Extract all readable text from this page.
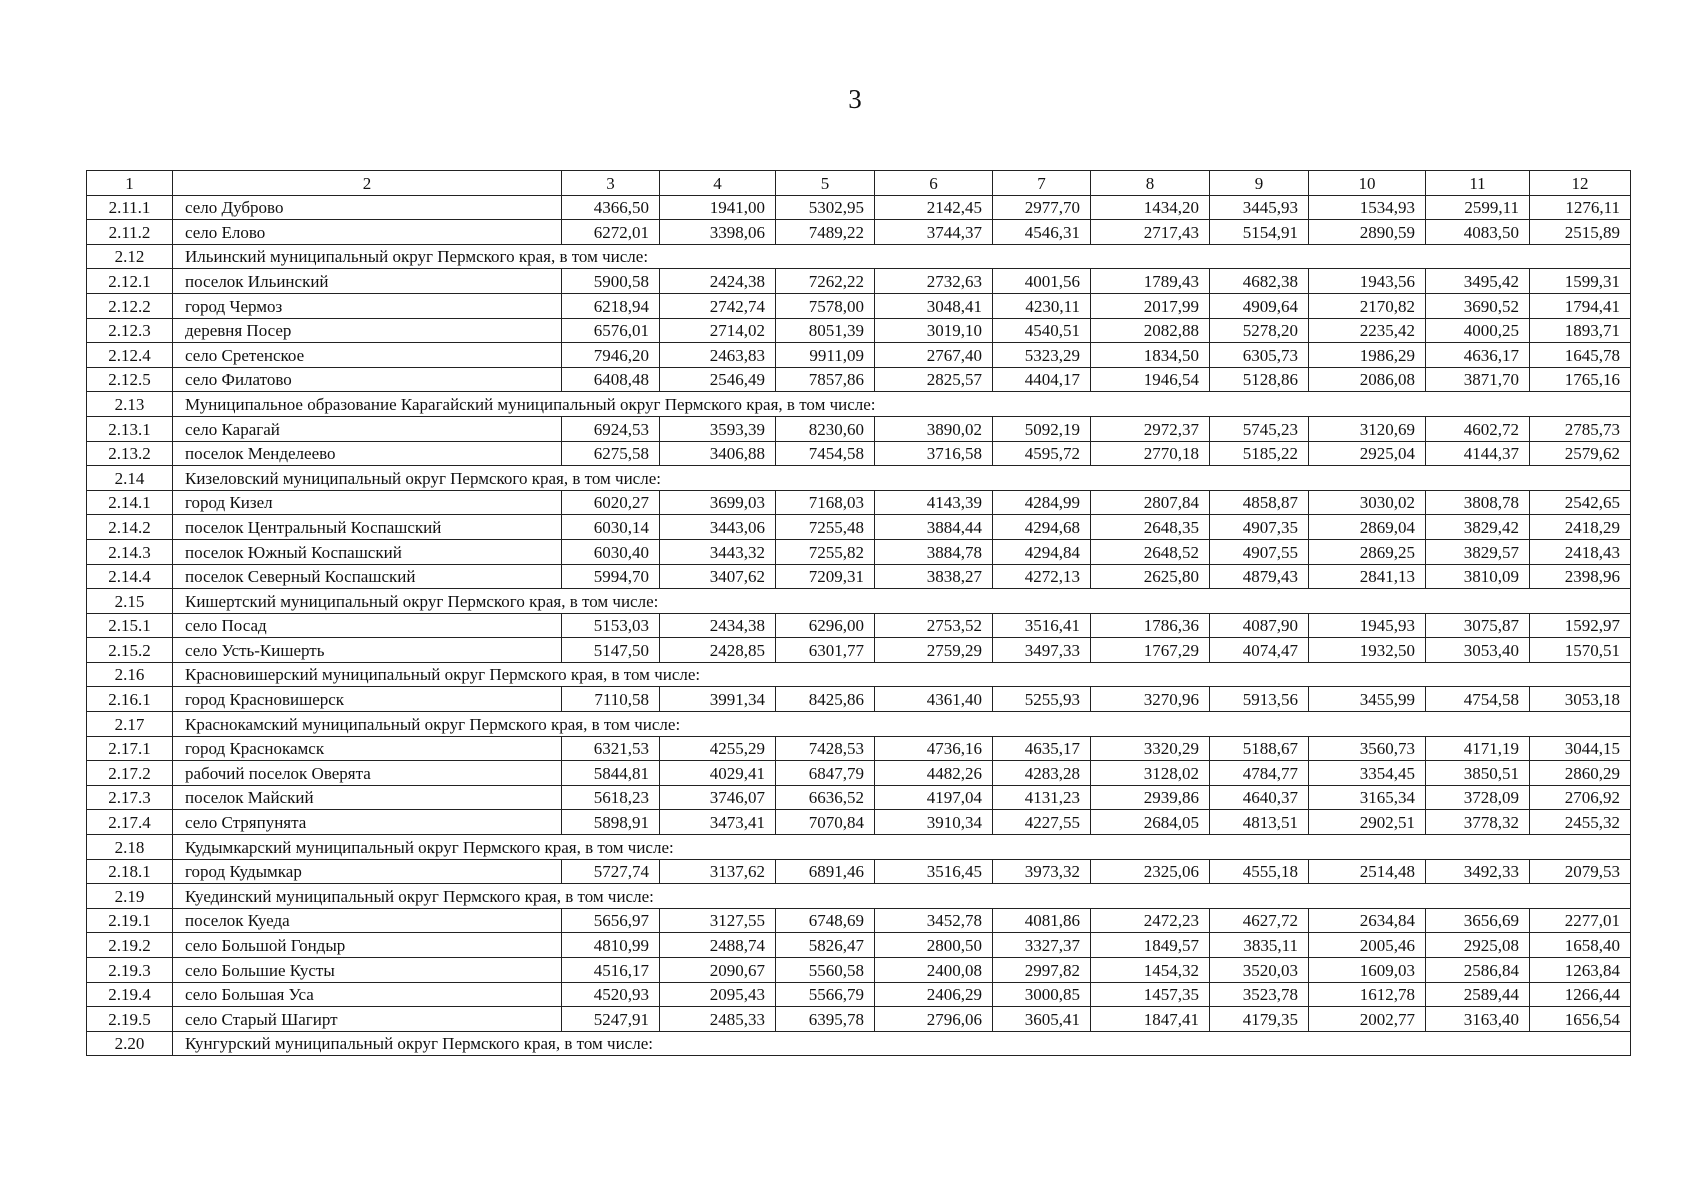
3
1	2	3	4	5	6	7	8	9	10	11	12
2.11.1	село Дуброво	4366,50	1941,00	5302,95	2142,45	2977,70	1434,20	3445,93	1534,93	2599,11	1276,11
2.11.2	село Елово	6272,01	3398,06	7489,22	3744,37	4546,31	2717,43	5154,91	2890,59	4083,50	2515,89
2.12	Ильинский муниципальный округ Пермского края, в том числе:										
2.12.1	поселок Ильинский	5900,58	2424,38	7262,22	2732,63	4001,56	1789,43	4682,38	1943,56	3495,42	1599,31
2.12.2	город Чермоз	6218,94	2742,74	7578,00	3048,41	4230,11	2017,99	4909,64	2170,82	3690,52	1794,41
2.12.3	деревня Посер	6576,01	2714,02	8051,39	3019,10	4540,51	2082,88	5278,20	2235,42	4000,25	1893,71
2.12.4	село Сретенское	7946,20	2463,83	9911,09	2767,40	5323,29	1834,50	6305,73	1986,29	4636,17	1645,78
2.12.5	село Филатово	6408,48	2546,49	7857,86	2825,57	4404,17	1946,54	5128,86	2086,08	3871,70	1765,16
2.13	Муниципальное образование Карагайский муниципальный округ Пермского края, в том числе:										
2.13.1	село Карагай	6924,53	3593,39	8230,60	3890,02	5092,19	2972,37	5745,23	3120,69	4602,72	2785,73
2.13.2	поселок Менделеево	6275,58	3406,88	7454,58	3716,58	4595,72	2770,18	5185,22	2925,04	4144,37	2579,62
2.14	Кизеловский муниципальный округ Пермского края, в том числе:										
2.14.1	город Кизел	6020,27	3699,03	7168,03	4143,39	4284,99	2807,84	4858,87	3030,02	3808,78	2542,65
2.14.2	поселок Центральный Коспашский	6030,14	3443,06	7255,48	3884,44	4294,68	2648,35	4907,35	2869,04	3829,42	2418,29
2.14.3	поселок Южный Коспашский	6030,40	3443,32	7255,82	3884,78	4294,84	2648,52	4907,55	2869,25	3829,57	2418,43
2.14.4	поселок Северный Коспашский	5994,70	3407,62	7209,31	3838,27	4272,13	2625,80	4879,43	2841,13	3810,09	2398,96
2.15	Кишертский муниципальный округ Пермского края, в том числе:										
2.15.1	село Посад	5153,03	2434,38	6296,00	2753,52	3516,41	1786,36	4087,90	1945,93	3075,87	1592,97
2.15.2	село Усть-Кишерть	5147,50	2428,85	6301,77	2759,29	3497,33	1767,29	4074,47	1932,50	3053,40	1570,51
2.16	Красновишерский муниципальный округ Пермского края, в том числе:										
2.16.1	город Красновишерск	7110,58	3991,34	8425,86	4361,40	5255,93	3270,96	5913,56	3455,99	4754,58	3053,18
2.17	Краснокамский муниципальный округ Пермского края, в том числе:										
2.17.1	город Краснокамск	6321,53	4255,29	7428,53	4736,16	4635,17	3320,29	5188,67	3560,73	4171,19	3044,15
2.17.2	рабочий поселок Оверята	5844,81	4029,41	6847,79	4482,26	4283,28	3128,02	4784,77	3354,45	3850,51	2860,29
2.17.3	поселок Майский	5618,23	3746,07	6636,52	4197,04	4131,23	2939,86	4640,37	3165,34	3728,09	2706,92
2.17.4	село Стряпунята	5898,91	3473,41	7070,84	3910,34	4227,55	2684,05	4813,51	2902,51	3778,32	2455,32
2.18	Кудымкарский муниципальный округ Пермского края, в том числе:										
2.18.1	город Кудымкар	5727,74	3137,62	6891,46	3516,45	3973,32	2325,06	4555,18	2514,48	3492,33	2079,53
2.19	Куединский муниципальный округ Пермского края, в том числе:										
2.19.1	поселок Куеда	5656,97	3127,55	6748,69	3452,78	4081,86	2472,23	4627,72	2634,84	3656,69	2277,01
2.19.2	село Большой Гондыр	4810,99	2488,74	5826,47	2800,50	3327,37	1849,57	3835,11	2005,46	2925,08	1658,40
2.19.3	село Большие Кусты	4516,17	2090,67	5560,58	2400,08	2997,82	1454,32	3520,03	1609,03	2586,84	1263,84
2.19.4	село Большая Уса	4520,93	2095,43	5566,79	2406,29	3000,85	1457,35	3523,78	1612,78	2589,44	1266,44
2.19.5	село Старый Шагирт	5247,91	2485,33	6395,78	2796,06	3605,41	1847,41	4179,35	2002,77	3163,40	1656,54
2.20	Кунгурский муниципальный округ Пермского края, в том числе:										
